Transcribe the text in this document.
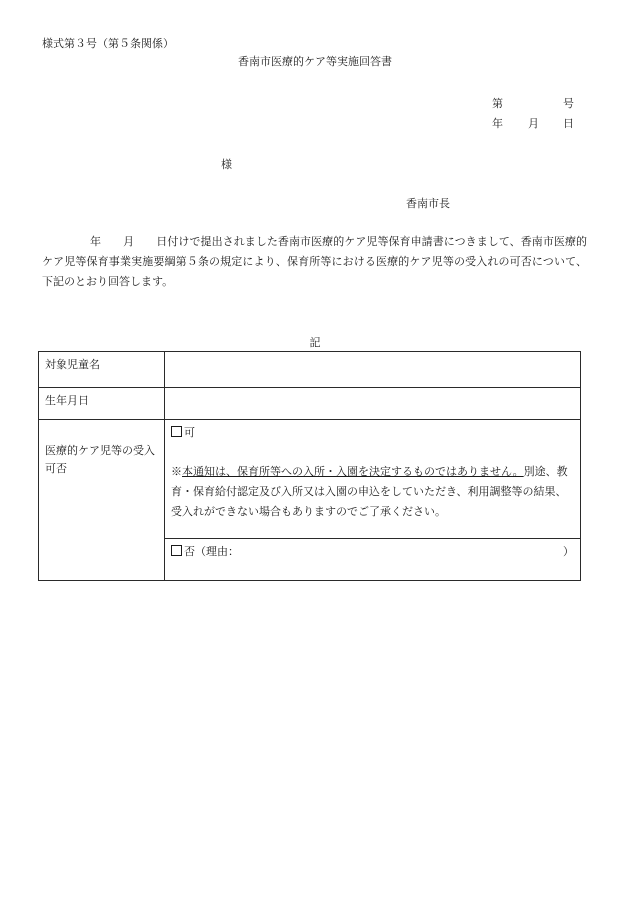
様式第３号（第５条関係）
香南市医療的ケア等実施回答書
第	号
年 月 日
様
香南市長
年 月 日付けで提出されました香南市医療的ケア児等保育申請書につきまして、香南市医療的ケア児等保育事業実施要綱第５条の規定により、保育所等における医療的ケア児等の受入れの可否について、下記のとおり回答します。
記
対象児童名	
生年月日	
医療的ケア児等の受入可否	可
※本通知は、保育所等への入所・入園を決定するものではありません。別途、教育・保育給付認定及び入所又は入園の申込をしていただき、利用調整等の結果、受入れができない場合もありますのでご了承ください。

	否（理由： ）
